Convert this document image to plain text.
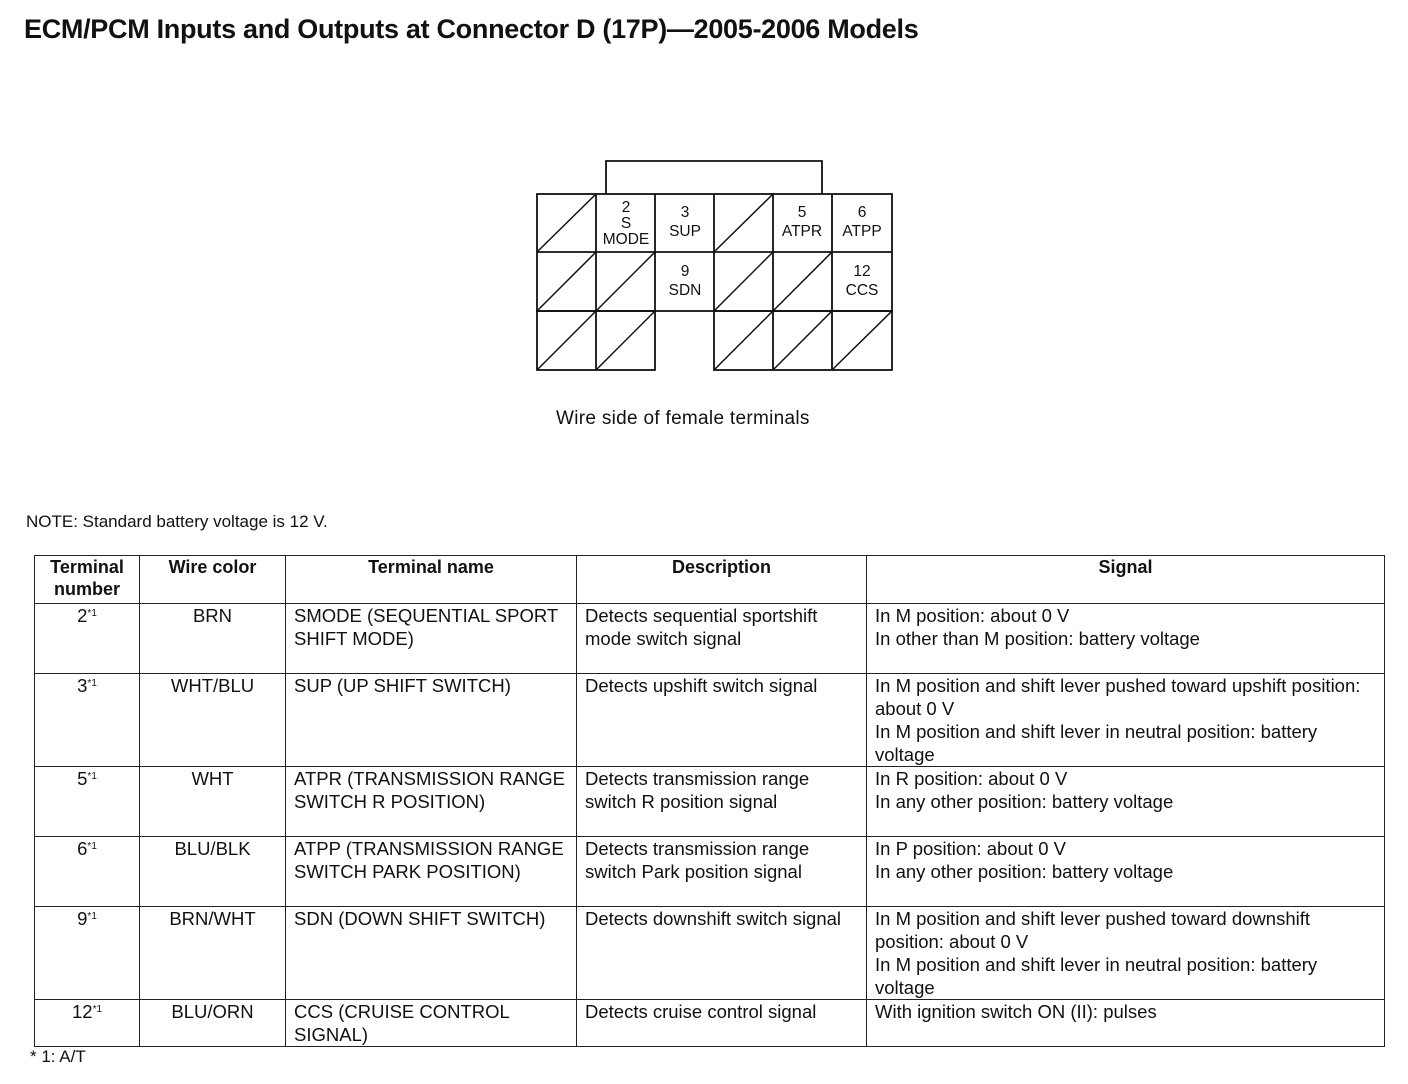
ECM/PCM Inputs and Outputs at Connector D (17P)—2005-2006 Models
2
S
MODE
3
SUP
5
ATPR
6
ATPP
9
SDN
12
CCS
Wire side of female terminals
NOTE: Standard battery voltage is 12 V.
Terminal number	Wire color	Terminal name	Description	Signal
2$^{*1}$	BRN	SMODE (SEQUENTIAL SPORT SHIFT MODE)	Detects sequential sportshift mode switch signal	In M position: about 0 V
In other than M position: battery voltage

3$^{*1}$	WHT/BLU	SUP (UP SHIFT SWITCH)	Detects upshift switch signal	In M position and shift lever pushed toward upshift position: about 0 V
In M position and shift lever in neutral position: battery voltage

5$^{*1}$	WHT	ATPR (TRANSMISSION RANGE SWITCH R POSITION)	Detects transmission range switch R position signal	In R position: about 0 V
In any other position: battery voltage

6$^{*1}$	BLU/BLK	ATPP (TRANSMISSION RANGE SWITCH PARK POSITION)	Detects transmission range switch Park position signal	In P position: about 0 V
In any other position: battery voltage

9$^{*1}$	BRN/WHT	SDN (DOWN SHIFT SWITCH)	Detects downshift switch signal	In M position and shift lever pushed toward downshift position: about 0 V
In M position and shift lever in neutral position: battery voltage

12$^{*1}$	BLU/ORN	CCS (CRUISE CONTROL SIGNAL)	Detects cruise control signal	With ignition switch ON (II): pulses
* 1: A/T
